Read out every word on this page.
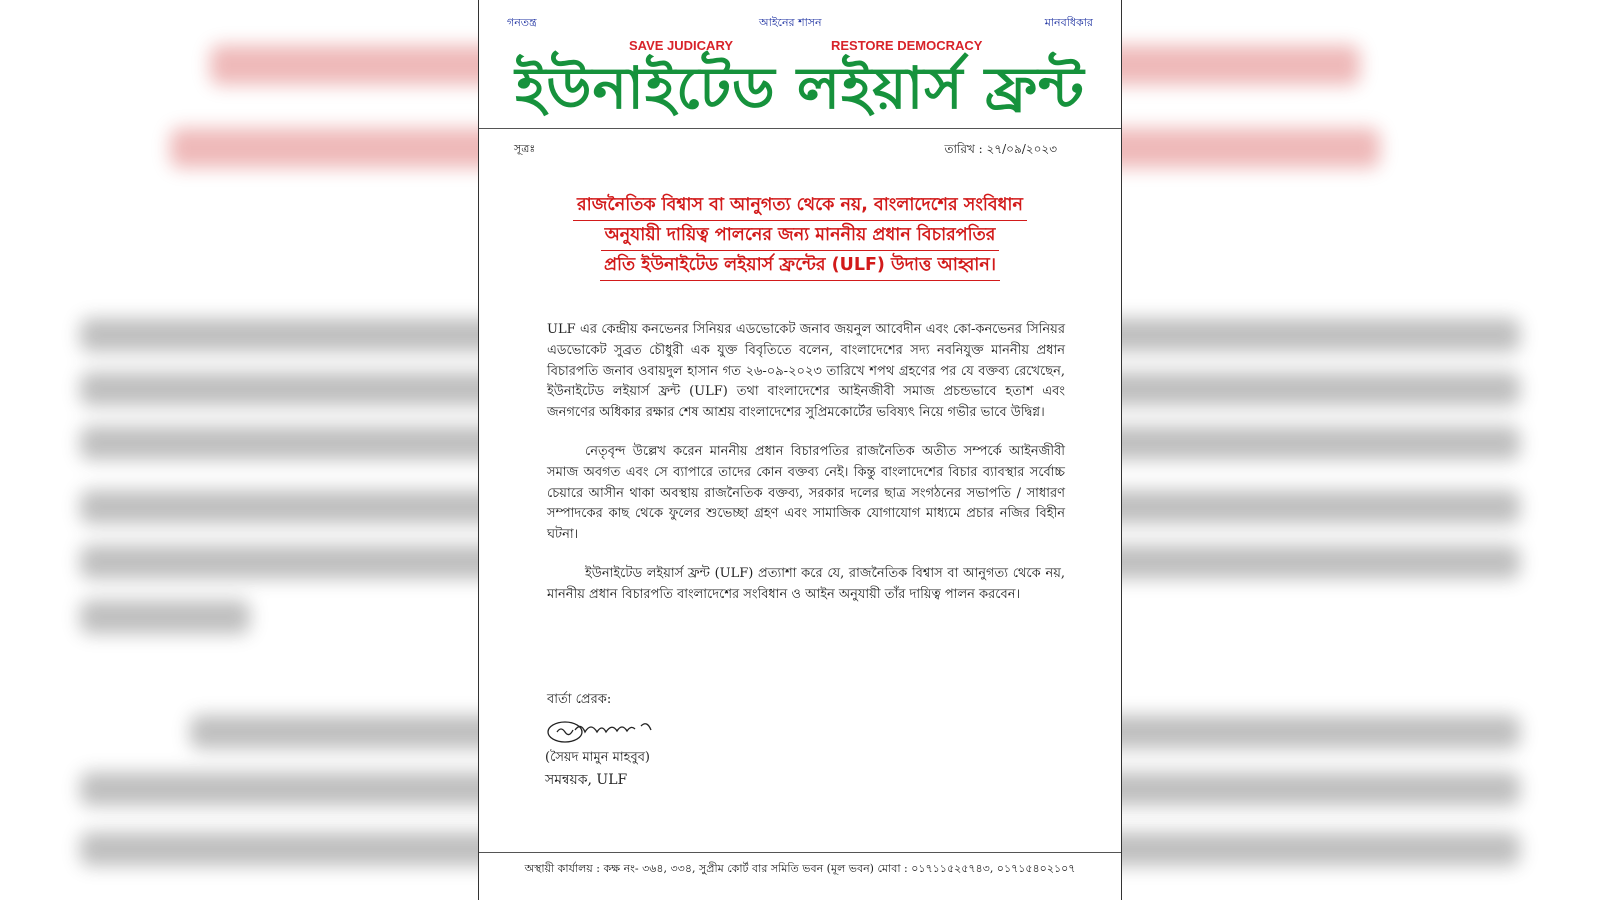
গনতন্ত্র	আইনের শাসন	মানবধিকার
SAVE JUDICARY	RESTORE DEMOCRACY
ইউনাইটেড লইয়ার্স ফ্রন্ট
সূত্রঃ	তারিখ : ২৭/০৯/২০২৩
রাজনৈতিক বিশ্বাস বা আনুগত্য থেকে নয়, বাংলাদেশের সংবিধান
অনুযায়ী দায়িত্ব পালনের জন্য মাননীয় প্রধান বিচারপতির
প্রতি ইউনাইটেড লইয়ার্স ফ্রন্টের (ULF) উদাত্ত আহ্বান।

ULF এর কেন্দ্রীয় কনভেনর সিনিয়র এডভোকেট জনাব জয়নুল আবেদীন এবং কো-কনভেনর সিনিয়র এডভোকেট সুব্রত চৌধুরী এক যুক্ত বিবৃতিতে বলেন, বাংলাদেশের সদ্য নবনিযুক্ত মাননীয় প্রধান বিচারপতি জনাব ওবায়দুল হাসান গত ২৬-০৯-২০২৩ তারিখে শপথ গ্রহণের পর যে বক্তব্য রেখেছেন, ইউনাইটেড লইয়ার্স ফ্রন্ট (ULF) তথা বাংলাদেশের আইনজীবী সমাজ প্রচন্ডভাবে হতাশ এবং জনগণের অধিকার রক্ষার শেষ আশ্রয় বাংলাদেশের সুপ্রিমকোর্টের ভবিষ্যৎ নিয়ে গভীর ভাবে উদ্বিগ্ন।

নেতৃবৃন্দ উল্লেখ করেন মাননীয় প্রধান বিচারপতির রাজনৈতিক অতীত সম্পর্কে আইনজীবী সমাজ অবগত এবং সে ব্যাপারে তাদের কোন বক্তব্য নেই। কিন্তু বাংলাদেশের বিচার ব্যাবস্থার সর্বোচ্চ চেয়ারে আসীন থাকা অবস্থায় রাজনৈতিক বক্তব্য, সরকার দলের ছাত্র সংগঠনের সভাপতি / সাধারণ সম্পাদকের কাছ থেকে ফুলের শুভেচ্ছা গ্রহণ এবং সামাজিক যোগাযোগ মাধ্যমে প্রচার নজির বিহীন ঘটনা।

ইউনাইটেড লইয়ার্স ফ্রন্ট (ULF) প্রত্যাশা করে যে, রাজনৈতিক বিশ্বাস বা আনুগত্য থেকে নয়, মাননীয় প্রধান বিচারপতি বাংলাদেশের সংবিধান ও আইন অনুযায়ী তাঁর দায়িত্ব পালন করবেন।

বার্তা প্রেরক:
(সৈয়দ মামুন মাহবুব)
সমন্বয়ক, ULF
অস্থায়ী কার্যালয় : কক্ষ নং- ৩৬৪, ৩৩৪, সুপ্রীম কোর্ট বার সমিতি ভবন (মূল ভবন) মোবা : ০১৭১১৫২৫৭৪৩, ০১৭১৫৪০২১০৭
